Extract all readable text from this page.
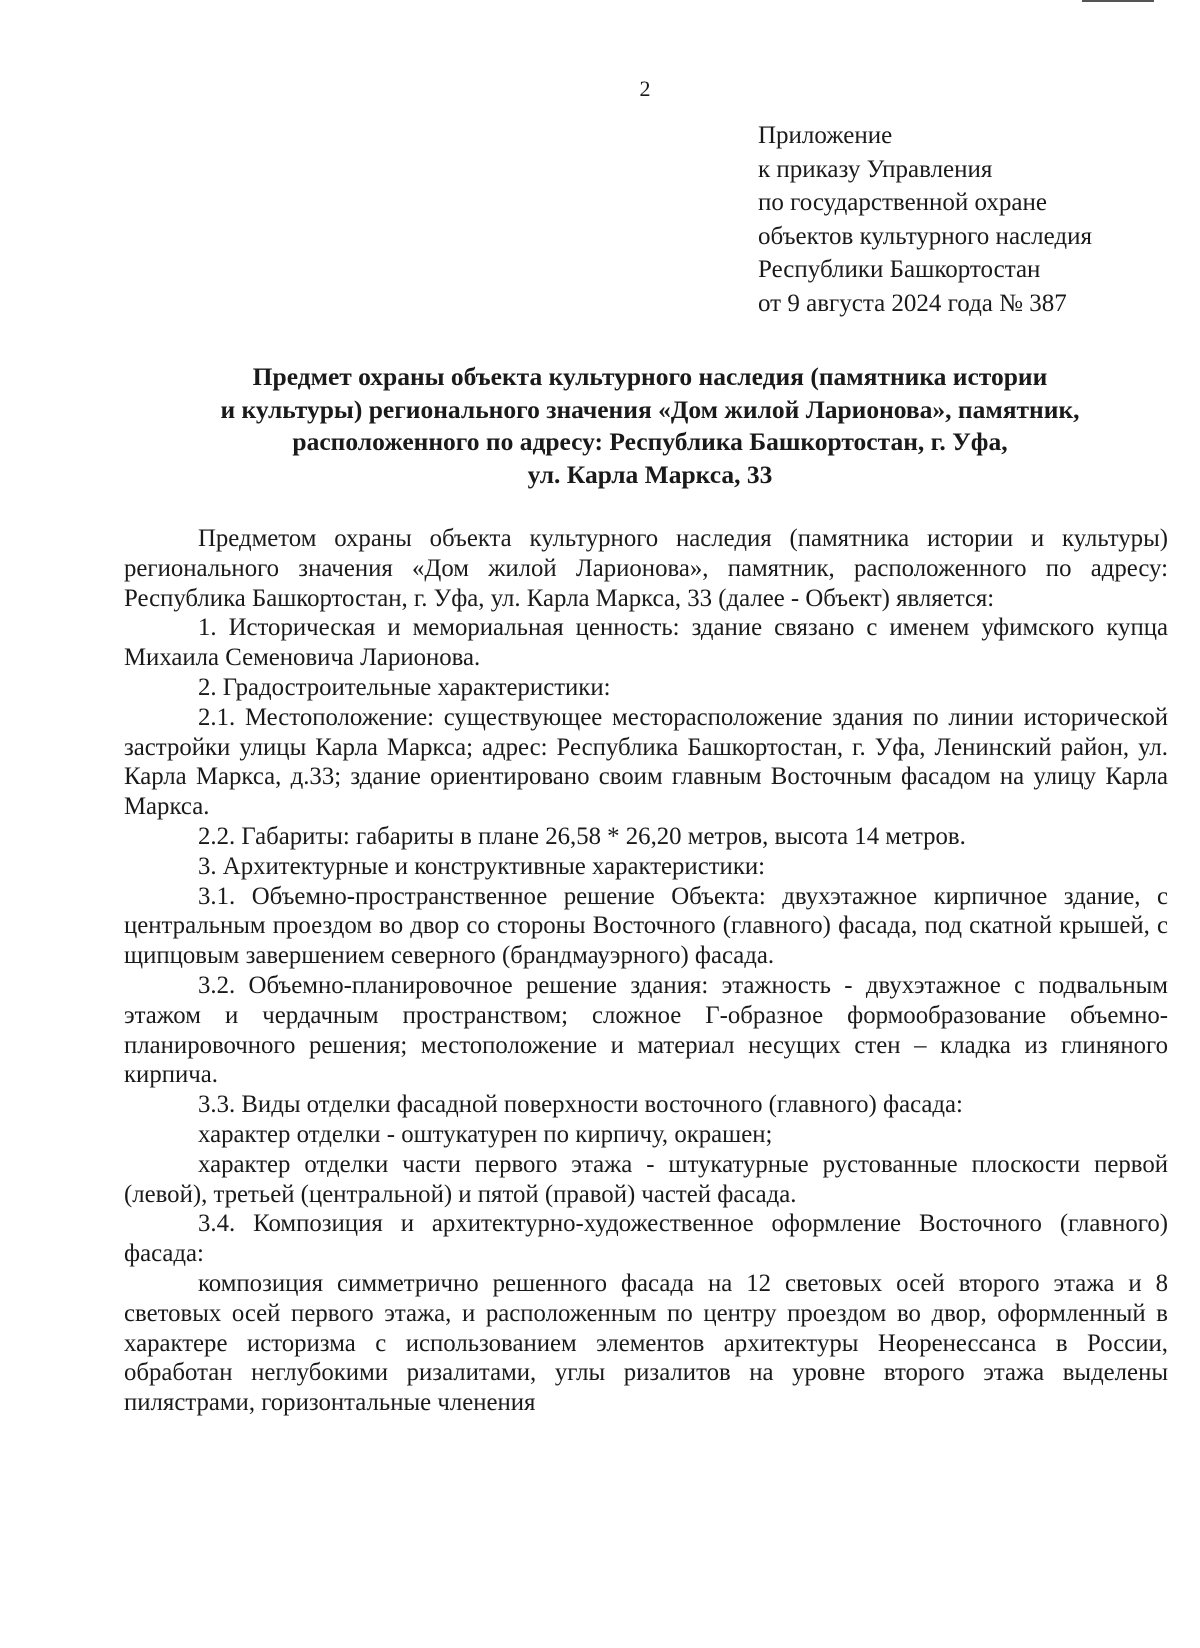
2
Приложение
к приказу Управления
по государственной охране
объектов культурного наследия
Республики Башкортостан
от 9 августа 2024 года № 387
Предмет охраны объекта культурного наследия (памятника истории
и культуры) регионального значения «Дом жилой Ларионова», памятник,
расположенного по адресу: Республика Башкортостан, г. Уфа,
ул. Карла Маркса, 33

Предметом охраны объекта культурного наследия (памятника истории и культуры) регионального значения «Дом жилой Ларионова», памятник, расположенного по адресу: Республика Башкортостан, г. Уфа, ул. Карла Маркса, 33 (далее - Объект) является:

1. Историческая и мемориальная ценность: здание связано с именем уфимского купца Михаила Семеновича Ларионова.

2. Градостроительные характеристики:

2.1. Местоположение: существующее месторасположение здания по линии исторической застройки улицы Карла Маркса; адрес: Республика Башкортостан, г. Уфа, Ленинский район, ул. Карла Маркса, д.33; здание ориентировано своим главным Восточным фасадом на улицу Карла Маркса.

2.2. Габариты: габариты в плане 26,58 * 26,20 метров, высота 14 метров.

3. Архитектурные и конструктивные характеристики:

3.1. Объемно-пространственное решение Объекта: двухэтажное кирпичное здание, с центральным проездом во двор со стороны Восточного (главного) фасада, под скатной крышей, с щипцовым завершением северного (брандмауэрного) фасада.

3.2. Объемно-планировочное решение здания: этажность - двухэтажное с подвальным этажом и чердачным пространством; сложное Г-образное формообразование объемно-планировочного решения; местоположение и материал несущих стен – кладка из глиняного кирпича.

3.3. Виды отделки фасадной поверхности восточного (главного) фасада:

характер отделки - оштукатурен по кирпичу, окрашен;

характер отделки части первого этажа - штукатурные рустованные плоскости первой (левой), третьей (центральной) и пятой (правой) частей фасада.

3.4. Композиция и архитектурно-художественное оформление Восточного (главного) фасада:

композиция симметрично решенного фасада на 12 световых осей второго этажа и 8 световых осей первого этажа, и расположенным по центру проездом во двор, оформленный в характере историзма с использованием элементов архитектуры Неоренессанса в России, обработан неглубокими ризалитами, углы ризалитов на уровне второго этажа выделены пилястрами, горизонтальные членения
